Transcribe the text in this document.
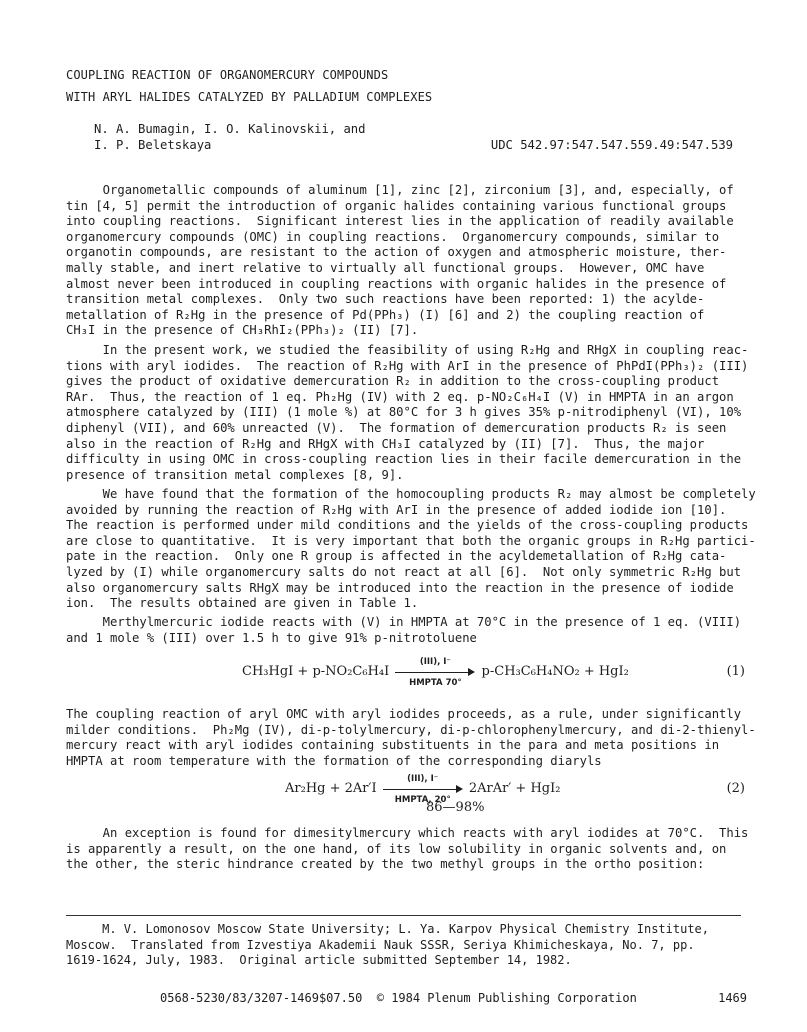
COUPLING REACTION OF ORGANOMERCURY COMPOUNDS
WITH ARYL HALIDES CATALYZED BY PALLADIUM COMPLEXES
N. A. Bumagin, I. O. Kalinovskii, and
I. P. Beletskaya	UDC 542.97:547.547.559.49:547.539
Organometallic compounds of aluminum [1], zinc [2], zirconium [3], and, especially, of
tin [4, 5] permit the introduction of organic halides containing various functional groups
into coupling reactions.  Significant interest lies in the application of readily available
organomercury compounds (OMC) in coupling reactions.  Organomercury compounds, similar to
organotin compounds, are resistant to the action of oxygen and atmospheric moisture, ther-
mally stable, and inert relative to virtually all functional groups.  However, OMC have
almost never been introduced in coupling reactions with organic halides in the presence of
transition metal complexes.  Only two such reactions have been reported: 1) the acylde-
metallation of R₂Hg in the presence of Pd(PPh₃) (I) [6] and 2) the coupling reaction of
CH₃I in the presence of CH₃RhI₂(PPh₃)₂ (II) [7].
In the present work, we studied the feasibility of using R₂Hg and RHgX in coupling reac-
tions with aryl iodides.  The reaction of R₂Hg with ArI in the presence of PhPdI(PPh₃)₂ (III)
gives the product of oxidative demercuration R₂ in addition to the cross-coupling product
RAr.  Thus, the reaction of 1 eq. Ph₂Hg (IV) with 2 eq. p-NO₂C₆H₄I (V) in HMPTA in an argon
atmosphere catalyzed by (III) (1 mole %) at 80°C for 3 h gives 35% p-nitrodiphenyl (VI), 10%
diphenyl (VII), and 60% unreacted (V).  The formation of demercuration products R₂ is seen
also in the reaction of R₂Hg and RHgX with CH₃I catalyzed by (II) [7].  Thus, the major
difficulty in using OMC in cross-coupling reaction lies in their facile demercuration in the
presence of transition metal complexes [8, 9].
We have found that the formation of the homocoupling products R₂ may almost be completely
avoided by running the reaction of R₂Hg with ArI in the presence of added iodide ion [10].
The reaction is performed under mild conditions and the yields of the cross-coupling products
are close to quantitative.  It is very important that both the organic groups in R₂Hg partici-
pate in the reaction.  Only one R group is affected in the acyldemetallation of R₂Hg cata-
lyzed by (I) while organomercury salts do not react at all [6].  Not only symmetric R₂Hg but
also organomercury salts RHgX may be introduced into the reaction in the presence of iodide
ion.  The results obtained are given in Table 1.
Merthylmercuric iodide reacts with (V) in HMPTA at 70°C in the presence of 1 eq. (VIII)
and 1 mole % (III) over 1.5 h to give 91% p-nitrotoluene
CH₃HgI + p-NO₂C₆H₄I
(III), I⁻
HMPTA 70°
p-CH₃C₆H₄NO₂ + HgI₂	(1)
The coupling reaction of aryl OMC with aryl iodides proceeds, as a rule, under significantly
milder conditions.  Ph₂Mg (IV), di-p-tolylmercury, di-p-chlorophenylmercury, and di-2-thienyl-
mercury react with aryl iodides containing substituents in the para and meta positions in
HMPTA at room temperature with the formation of the corresponding diaryls
Ar₂Hg + 2Ar′I
(III), I⁻
HMPTA, 20°
2ArAr′ + HgI₂	(2)
86—98%
An exception is found for dimesitylmercury which reacts with aryl iodides at 70°C.  This
is apparently a result, on the one hand, of its low solubility in organic solvents and, on
the other, the steric hindrance created by the two methyl groups in the ortho position:
M. V. Lomonosov Moscow State University; L. Ya. Karpov Physical Chemistry Institute,
Moscow.  Translated from Izvestiya Akademii Nauk SSSR, Seriya Khimicheskaya, No. 7, pp.
1619-1624, July, 1983.  Original article submitted September 14, 1982.
0568-5230/83/3207-1469$07.50  © 1984 Plenum Publishing Corporation	1469
